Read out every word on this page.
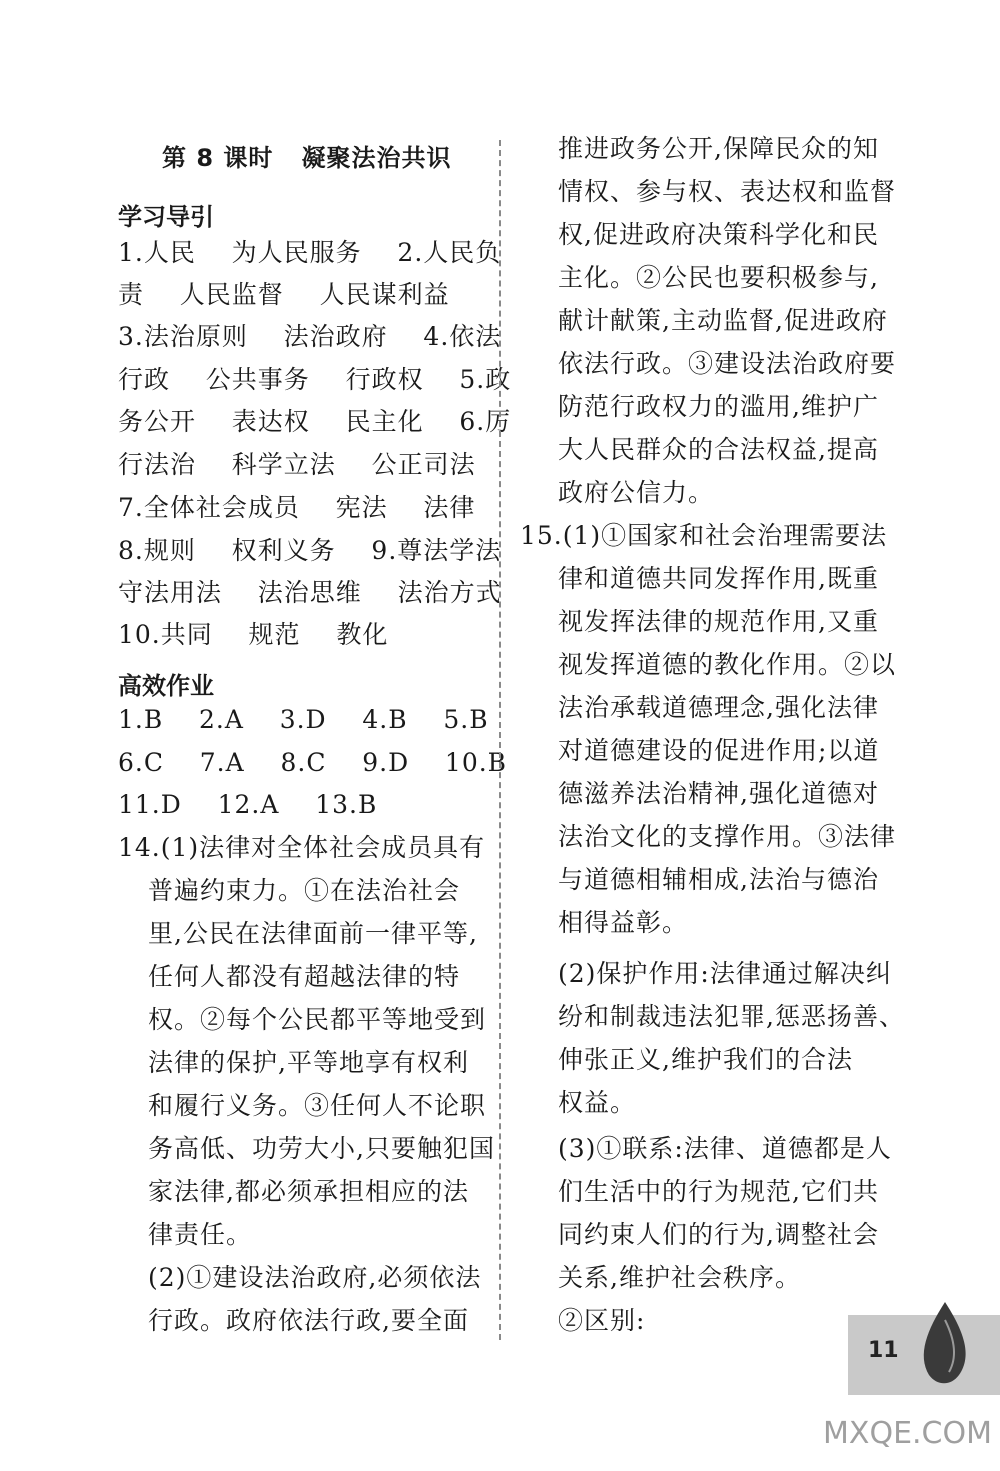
第 8 课时   凝聚法治共识
学习导引
1.人民    为人民服务    2.人民负
责    人民监督    人民谋利益
3.法治原则    法治政府    4.依法
行政    公共事务    行政权    5.政
务公开    表达权    民主化    6.厉
行法治    科学立法    公正司法
7.全体社会成员    宪法    法律
8.规则    权利义务    9.尊法学法
守法用法    法治思维    法治方式
10.共同    规范    教化
高效作业
1.B    2.A    3.D    4.B    5.B
6.C    7.A    8.C    9.D    10.B
11.D    12.A    13.B
14.(1)法律对全体社会成员具有
普遍约束力。①在法治社会
里,公民在法律面前一律平等,
任何人都没有超越法律的特
权。②每个公民都平等地受到
法律的保护,平等地享有权利
和履行义务。③任何人不论职
务高低、功劳大小,只要触犯国
家法律,都必须承担相应的法
律责任。
(2)①建设法治政府,必须依法
行政。政府依法行政,要全面
推进政务公开,保障民众的知
情权、参与权、表达权和监督
权,促进政府决策科学化和民
主化。②公民也要积极参与,
献计献策,主动监督,促进政府
依法行政。③建设法治政府要
防范行政权力的滥用,维护广
大人民群众的合法权益,提高
政府公信力。
15.(1)①国家和社会治理需要法
律和道德共同发挥作用,既重
视发挥法律的规范作用,又重
视发挥道德的教化作用。②以
法治承载道德理念,强化法律
对道德建设的促进作用;以道
德滋养法治精神,强化道德对
法治文化的支撑作用。③法律
与道德相辅相成,法治与德治
相得益彰。
(2)保护作用:法律通过解决纠
纷和制裁违法犯罪,惩恶扬善、
伸张正义,维护我们的合法
权益。
(3)①联系:法律、道德都是人
们生活中的行为规范,它们共
同约束人们的行为,调整社会
关系,维护社会秩序。
②区别:
11
MXQE.COM
